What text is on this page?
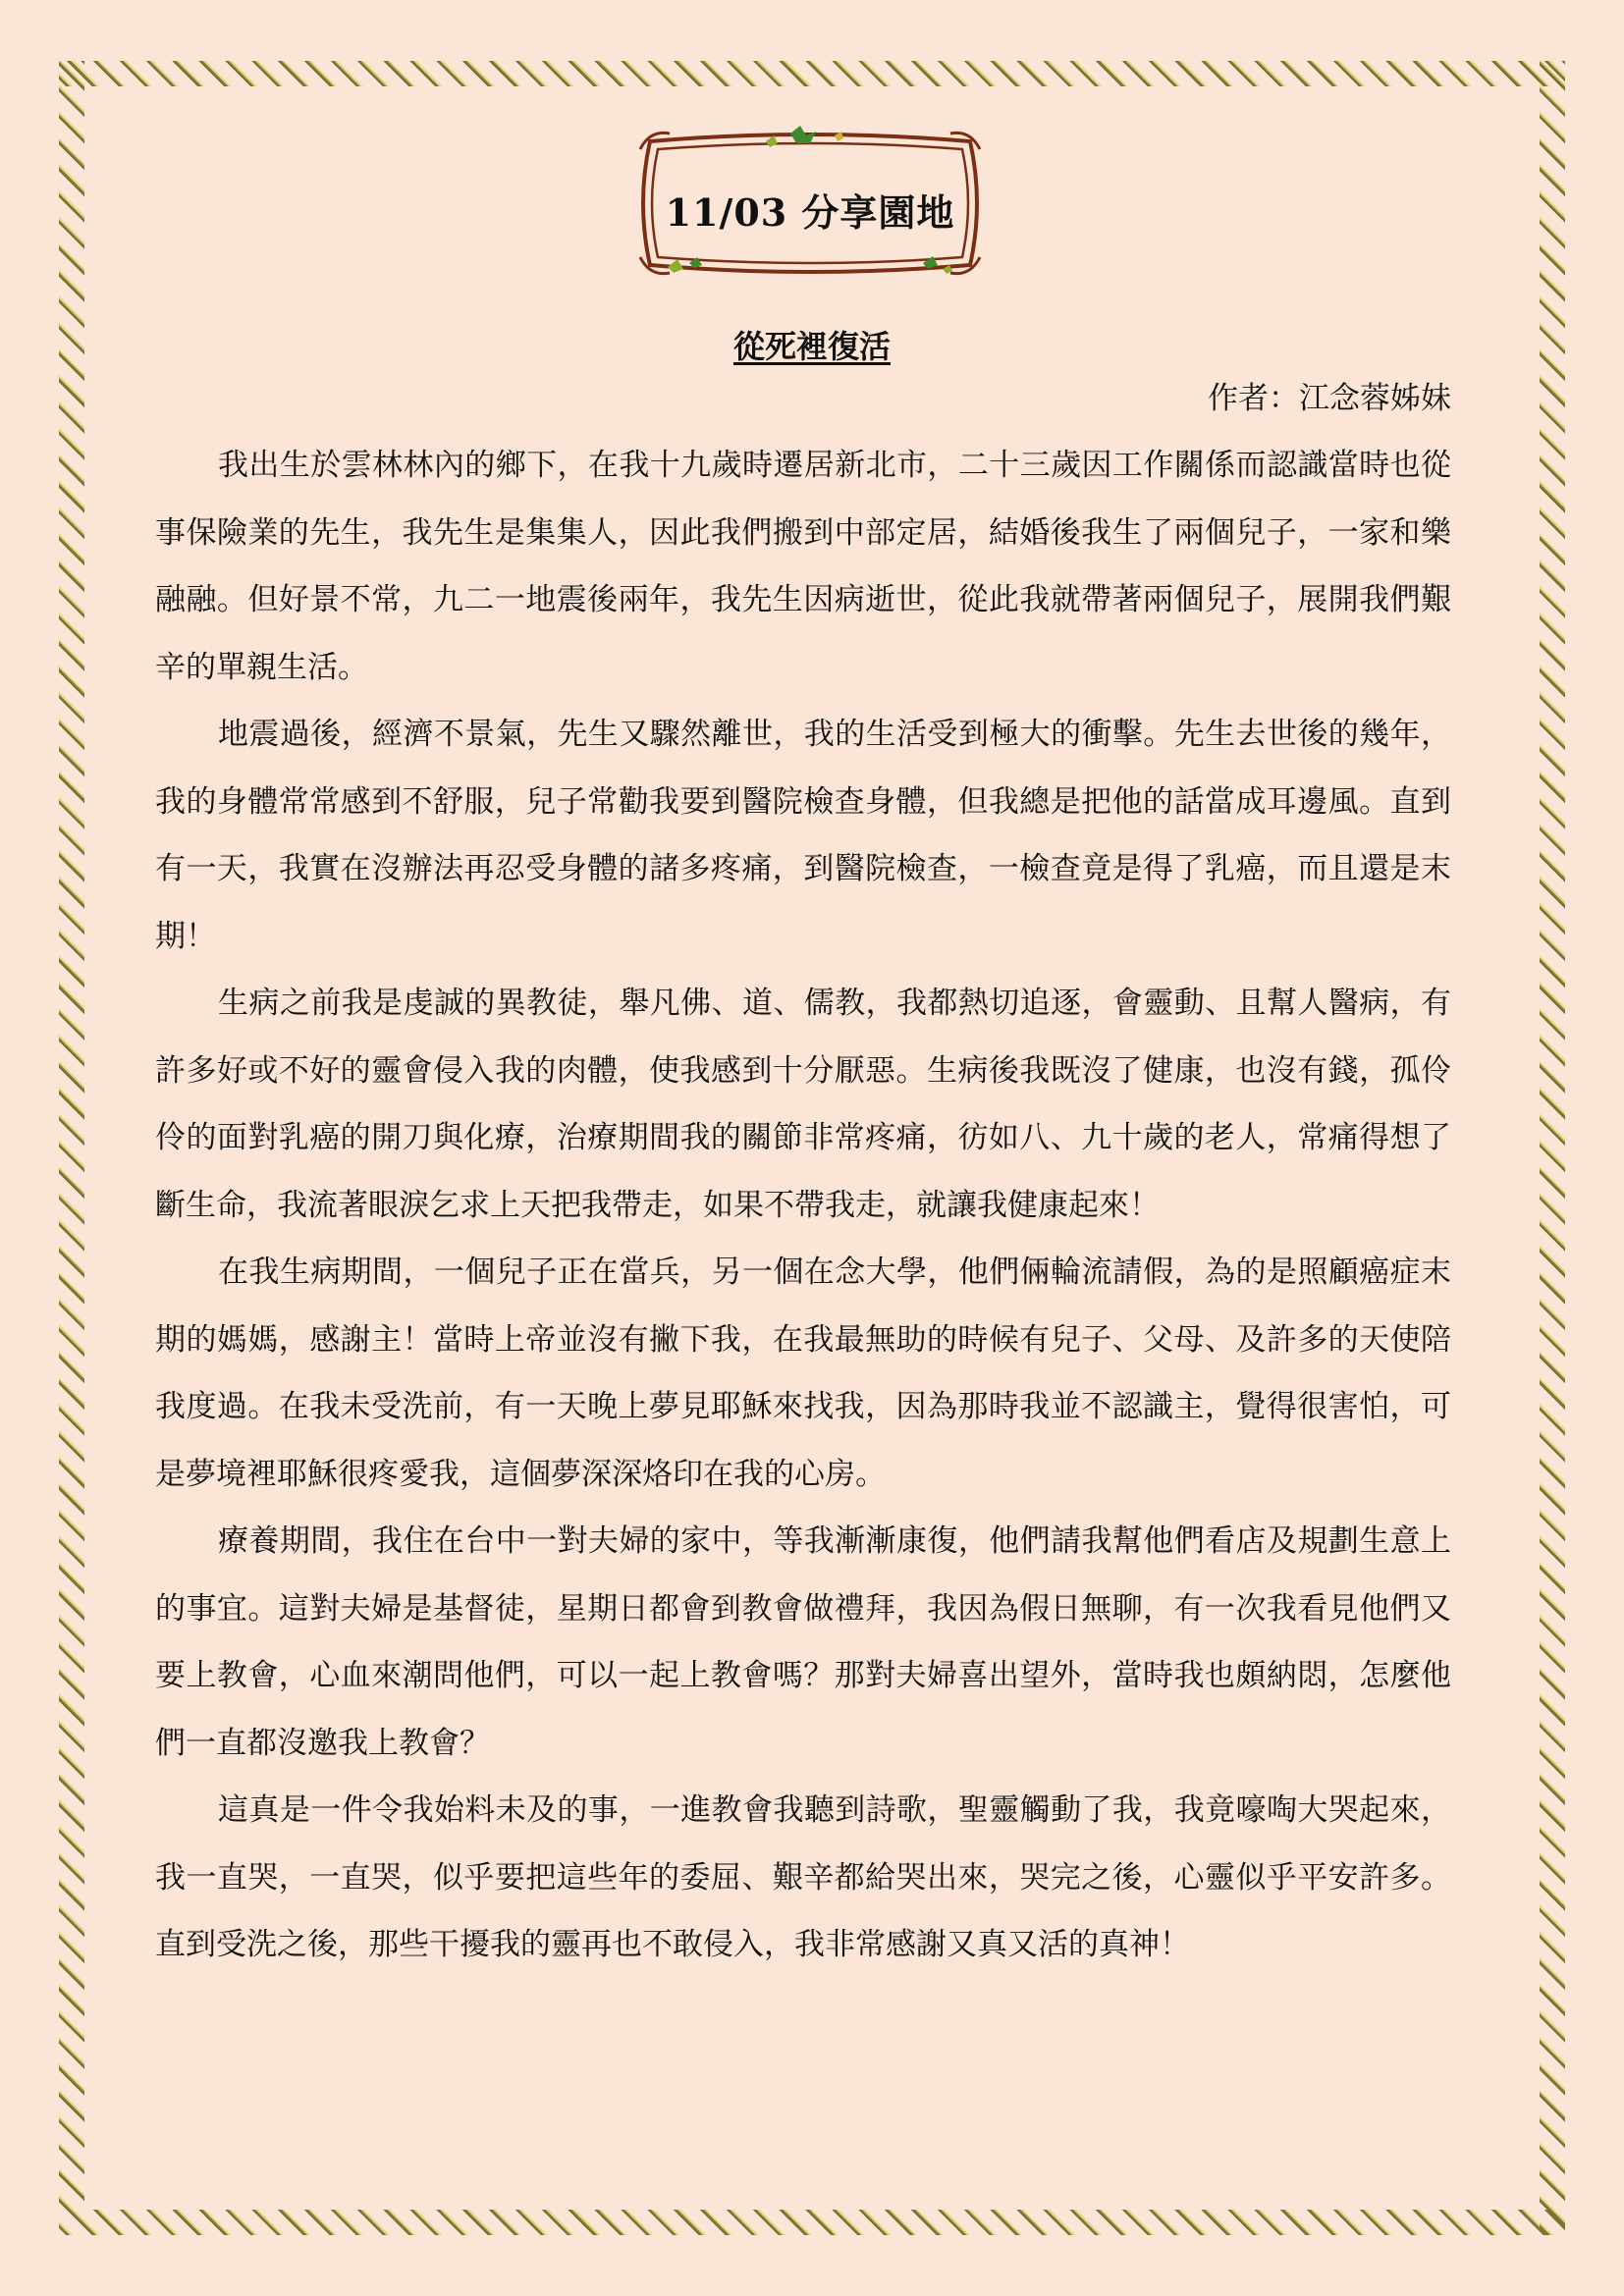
11/03 分享園地
從死裡復活
作者：江念蓉姊妹

我出生於雲林林內的鄉下，在我十九歲時遷居新北市，二十三歲因工作關係而認識當時也從事保險業的先生，我先生是集集人，因此我們搬到中部定居，結婚後我生了兩個兒子，一家和樂融融。但好景不常，九二一地震後兩年，我先生因病逝世，從此我就帶著兩個兒子，展開我們艱辛的單親生活。

地震過後，經濟不景氣，先生又驟然離世，我的生活受到極大的衝擊。先生去世後的幾年，我的身體常常感到不舒服，兒子常勸我要到醫院檢查身體，但我總是把他的話當成耳邊風。直到有一天，我實在沒辦法再忍受身體的諸多疼痛，到醫院檢查，一檢查竟是得了乳癌，而且還是末期！

生病之前我是虔誠的異教徒，舉凡佛、道、儒教，我都熱切追逐，會靈動、且幫人醫病，有許多好或不好的靈會侵入我的肉體，使我感到十分厭惡。生病後我既沒了健康，也沒有錢，孤伶伶的面對乳癌的開刀與化療，治療期間我的關節非常疼痛，彷如八、九十歲的老人，常痛得想了斷生命，我流著眼淚乞求上天把我帶走，如果不帶我走，就讓我健康起來！

在我生病期間，一個兒子正在當兵，另一個在念大學，他們倆輪流請假，為的是照顧癌症末期的媽媽，感謝主！當時上帝並沒有撇下我，在我最無助的時候有兒子、父母、及許多的天使陪我度過。在我未受洗前，有一天晚上夢見耶穌來找我，因為那時我並不認識主，覺得很害怕，可是夢境裡耶穌很疼愛我，這個夢深深烙印在我的心房。

療養期間，我住在台中一對夫婦的家中，等我漸漸康復，他們請我幫他們看店及規劃生意上的事宜。這對夫婦是基督徒，星期日都會到教會做禮拜，我因為假日無聊，有一次我看見他們又要上教會，心血來潮問他們，可以一起上教會嗎？那對夫婦喜出望外，當時我也頗納悶，怎麼他們一直都沒邀我上教會？

這真是一件令我始料未及的事，一進教會我聽到詩歌，聖靈觸動了我，我竟嚎啕大哭起來，我一直哭，一直哭，似乎要把這些年的委屈、艱辛都給哭出來，哭完之後，心靈似乎平安許多。直到受洗之後，那些干擾我的靈再也不敢侵入，我非常感謝又真又活的真神！
